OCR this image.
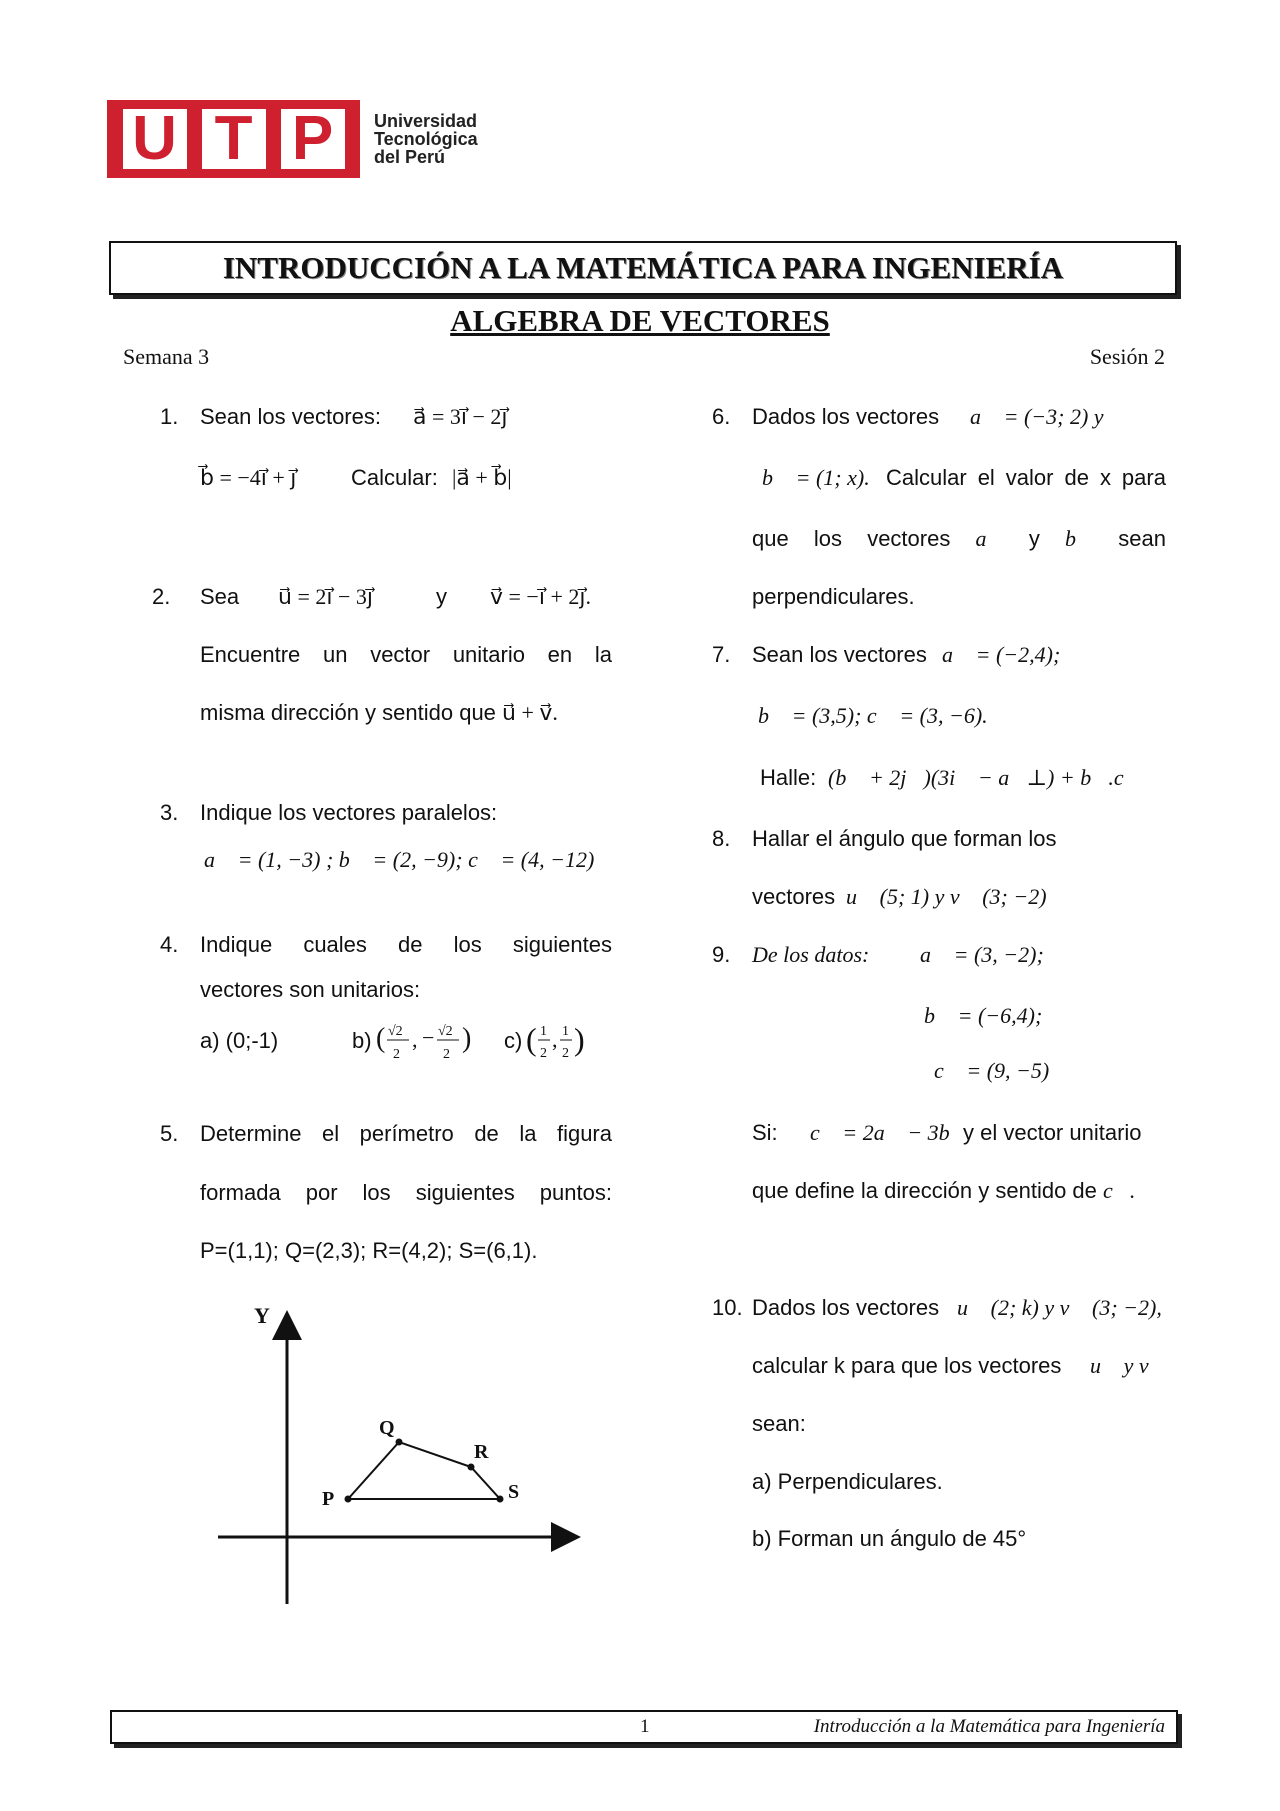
U T P	Universidad
Tecnológica
del Perú
INTRODUCCIÓN A LA MATEMÁTICA PARA INGENIERÍA
ALGEBRA DE VECTORES
Semana 3	Sesión 2
1. Sean los vectores: a⃗ = 3i⃗ − 2j⃗
b⃗ = −4i⃗ + j⃗ Calcular: |a⃗ + b⃗|
2. Sea u⃗ = 2i⃗ − 3j⃗	y v⃗ = −i⃗ + 2j⃗.
Encuentre un vector unitario en la
misma dirección y sentido que u⃗ + v⃗.
3. Indique los vectores paralelos:
a⃗ = (1, −3) ; b⃗ = (2, −9); c⃗ = (4, −12)
4. Indique cuales de los siguientes
vectores son unitarios:
a) (0;-1)	b) ( √2
2
, − √2
2
) c) ( 1
2
, 1
2 )
5. Determine el perímetro de la figura
formada por los siguientes puntos:
P=(1,1); Q=(2,3); R=(4,2); S=(6,1).
Y
P
Q
R
S
6. Dados los vectores a⃗ = (−3; 2) y
b⃗ = (1; x). Calcular el valor de x para
que los vectores a⃗ y b⃗ sean
perpendiculares.
7. Sean los vectores a⃗ = (−2,4);
b⃗ = (3,5); c⃗ = (3, −6).
Halle: (b⃗ + 2j⃗)(3i⃗ − a⃗⊥) + b⃗.c⃗
8. Hallar el ángulo que forman los
vectores u⃗ (5; 1) y v⃗ (3; −2)
9. De los datos: a⃗ = (3, −2);
b⃗ = (−6,4);
c⃗ = (9, −5)
Si: c⃗ = 2a⃗ − 3b⃗
y el vector unitario
que define la dirección y sentido de c⃗.
10. Dados los vectores u⃗ (2; k) y v⃗ (3; −2),
calcular k para que los vectores u⃗ y v⃗
sean:
a) Perpendiculares.
b) Forman un ángulo de 45°
1	Introducción a la Matemática para Ingeniería
